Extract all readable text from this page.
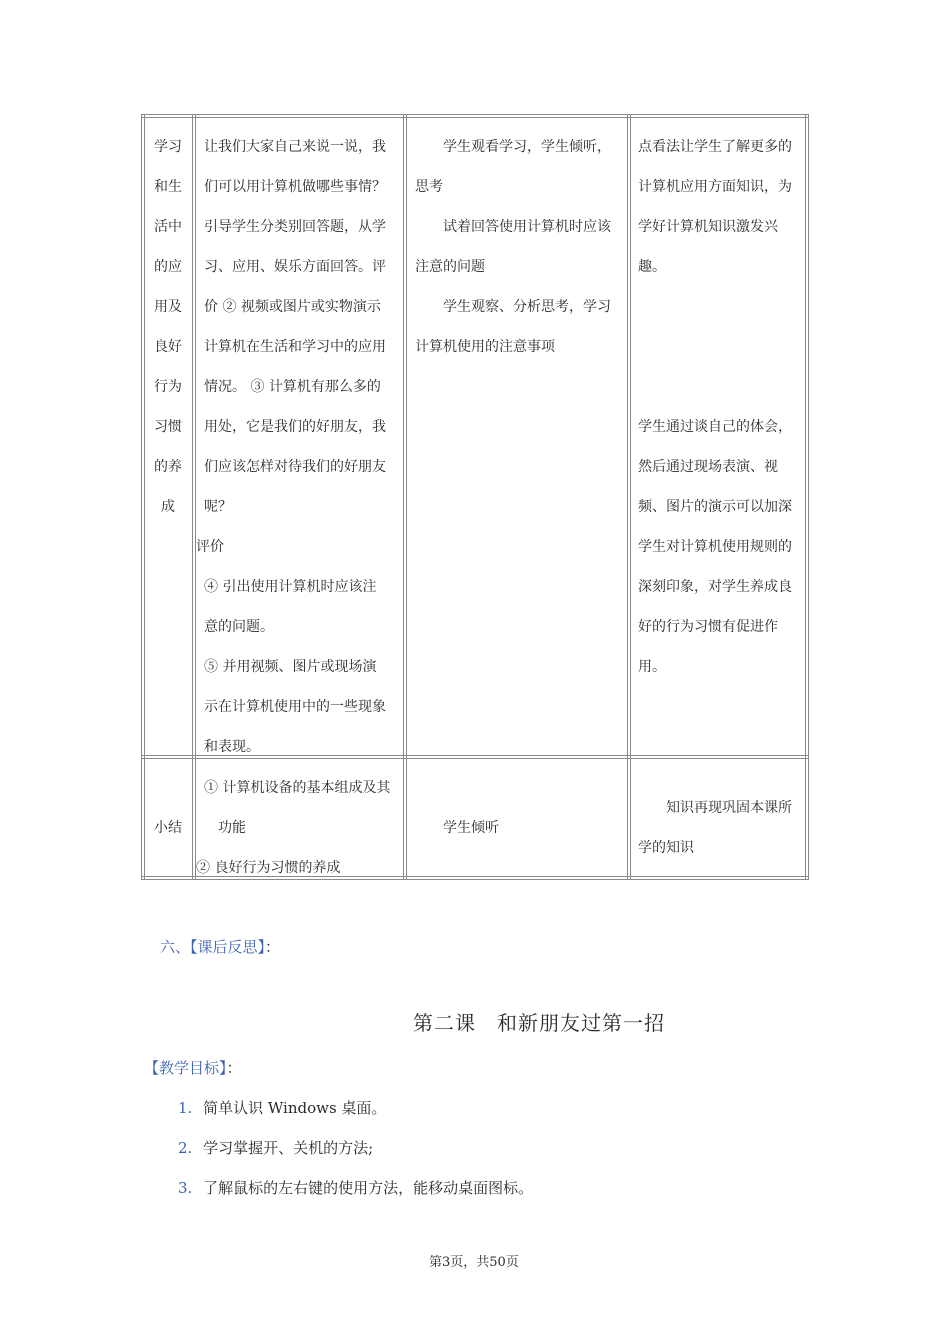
学习
和生
活中
的应
用及
良好
行为
习惯
的养
成
让我们大家自己来说一说，我
们可以用计算机做哪些事情？
引导学生分类别回答题，从学
习、应用、娱乐方面回答。评
价 ② 视频或图片或实物演示
计算机在生活和学习中的应用
情况。 ③ 计算机有那么多的
用处，它是我们的好朋友，我
们应该怎样对待我们的好朋友
呢？
评价
④ 引出使用计算机时应该注
意的问题。
⑤ 并用视频、图片或现场演
示在计算机使用中的一些现象
和表现。
学生观看学习，学生倾听，
思考
试着回答使用计算机时应该
注意的问题
学生观察、分析思考，学习
计算机使用的注意事项
点看法让学生了解更多的
计算机应用方面知识，为
学好计算机知识激发兴
趣。
学生通过谈自己的体会，
然后通过现场表演、视
频、图片的演示可以加深
学生对计算机使用规则的
深刻印象，对学生养成良
好的行为习惯有促进作
用。
小结
① 计算机设备的基本组成及其
功能
② 良好行为习惯的养成
学生倾听
知识再现巩固本课所
学的知识
六、【课后反思】：
第二课　和新朋友过第一招
【教学目标】：
1. 简单认识 Windows 桌面。
2. 学习掌握开、关机的方法;
3. 了解鼠标的左右键的使用方法，能移动桌面图标。
第3页，共50页
